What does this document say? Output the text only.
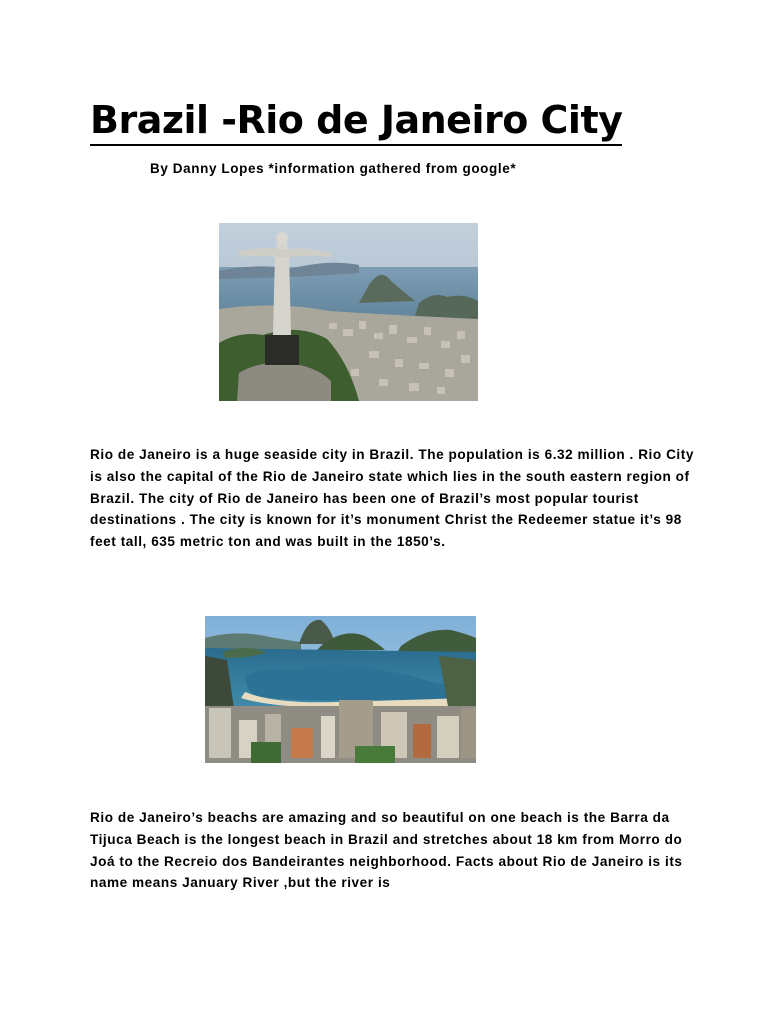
Brazil -Rio de Janeiro City
By Danny Lopes *information gathered from google*

Rio de Janeiro is a huge seaside city in Brazil. The population is 6.32 million . Rio City is also the capital of the Rio de Janeiro state which lies in the south eastern region of Brazil. The city of Rio de Janeiro has been one of Brazil’s most popular tourist destinations . The city is known for it’s monument Christ the Redeemer statue it’s 98 feet tall, 635 metric ton and was built in the 1850’s.

Rio de Janeiro’s beachs are amazing and so beautiful on one beach is the Barra da Tijuca Beach is the longest beach in Brazil and stretches about 18 km from Morro do Joá to the Recreio dos Bandeirantes neighborhood. Facts about Rio de Janeiro is its name means January River ,but the river is
